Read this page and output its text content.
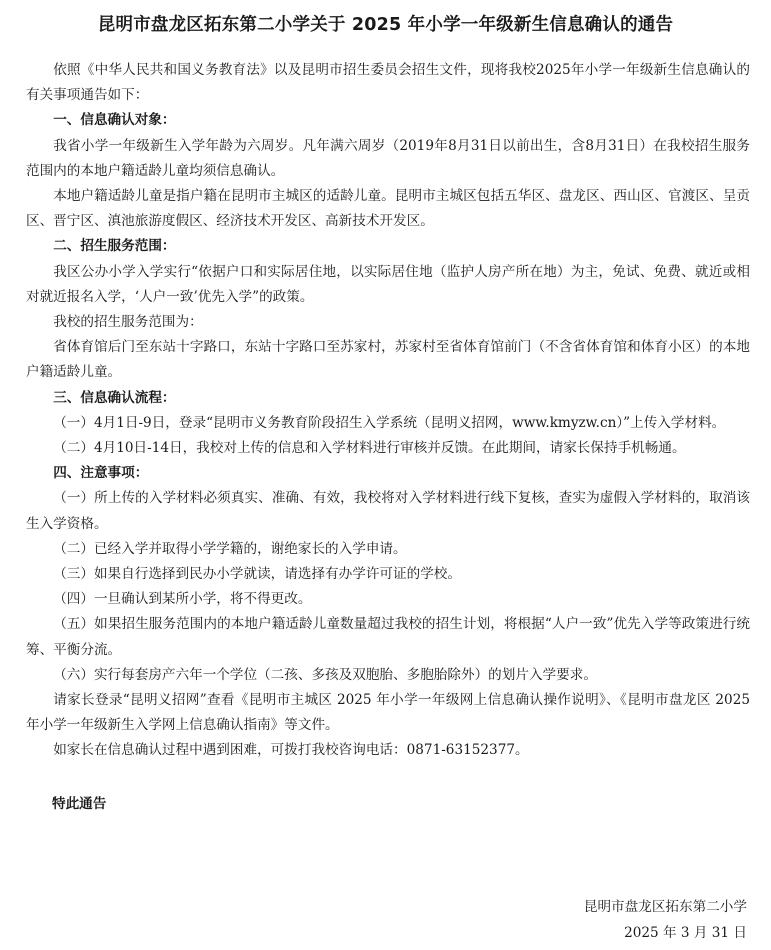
昆明市盘龙区拓东第二小学关于 2025 年小学一年级新生信息确认的通告

依照《中华人民共和国义务教育法》以及昆明市招生委员会招生文件，现将我校2025年小学一年级新生信息确认的有关事项通告如下：

一、信息确认对象：

我省小学一年级新生入学年龄为六周岁。凡年满六周岁（2019年8月31日以前出生，含8月31日）在我校招生服务范围内的本地户籍适龄儿童均须信息确认。

本地户籍适龄儿童是指户籍在昆明市主城区的适龄儿童。昆明市主城区包括五华区、盘龙区、西山区、官渡区、呈贡区、晋宁区、滇池旅游度假区、经济技术开发区、高新技术开发区。

二、招生服务范围：

我区公办小学入学实行“依据户口和实际居住地，以实际居住地（监护人房产所在地）为主，免试、免费、就近或相对就近报名入学，‘人户一致’优先入学”的政策。

我校的招生服务范围为：

省体育馆后门至东站十字路口，东站十字路口至苏家村，苏家村至省体育馆前门（不含省体育馆和体育小区）的本地户籍适龄儿童。

三、信息确认流程：

（一）4月1日-9日，登录“昆明市义务教育阶段招生入学系统（昆明义招网，www.kmyzw.cn）”上传入学材料。

（二）4月10日-14日，我校对上传的信息和入学材料进行审核并反馈。在此期间，请家长保持手机畅通。

四、注意事项：

（一）所上传的入学材料必须真实、准确、有效，我校将对入学材料进行线下复核，查实为虚假入学材料的，取消该生入学资格。

（二）已经入学并取得小学学籍的，谢绝家长的入学申请。

（三）如果自行选择到民办小学就读，请选择有办学许可证的学校。

（四）一旦确认到某所小学，将不得更改。

（五）如果招生服务范围内的本地户籍适龄儿童数量超过我校的招生计划，将根据“人户一致”优先入学等政策进行统筹、平衡分流。

（六）实行每套房产六年一个学位（二孩、多孩及双胞胎、多胞胎除外）的划片入学要求。

请家长登录“昆明义招网”查看《昆明市主城区 2025 年小学一年级网上信息确认操作说明》、《昆明市盘龙区 2025 年小学一年级新生入学网上信息确认指南》等文件。

如家长在信息确认过程中遇到困难，可拨打我校咨询电话：0871-63152377。

特此通告
昆明市盘龙区拓东第二小学
2025 年 3 月 31 日
